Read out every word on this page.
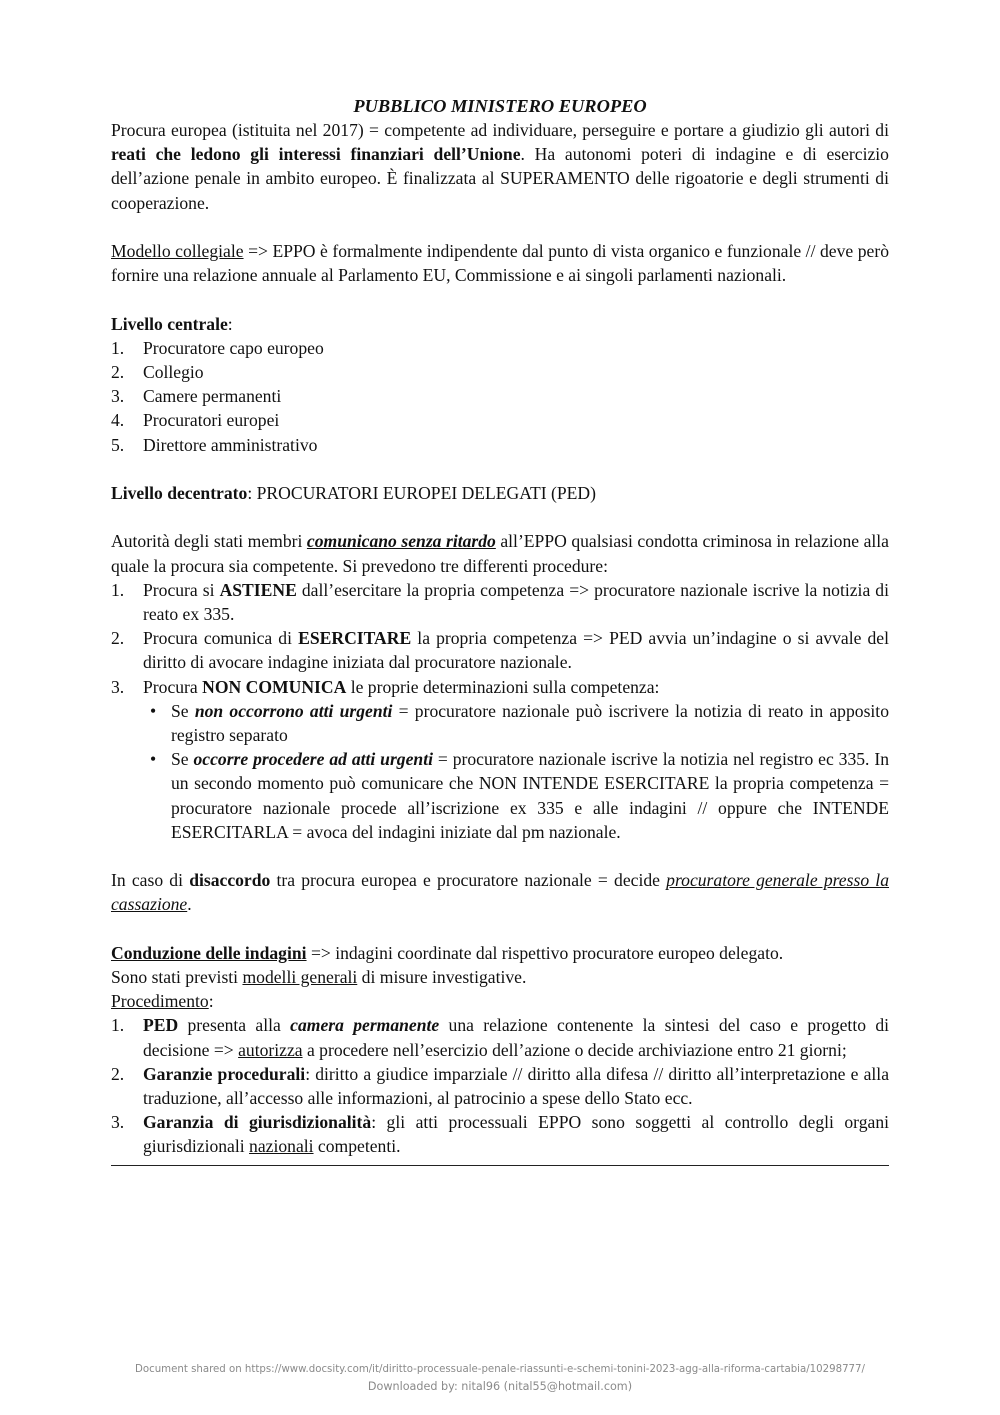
PUBBLICO MINISTERO EUROPEO

Procura europea (istituita nel 2017) = competente ad individuare, perseguire e portare a giudizio gli autori di reati che ledono gli interessi finanziari dell’Unione. Ha autonomi poteri di indagine e di esercizio dell’azione penale in ambito europeo. È finalizzata al SUPERAMENTO delle rigoatorie e degli strumenti di cooperazione.

Modello collegiale => EPPO è formalmente indipendente dal punto di vista organico e funzionale // deve però fornire una relazione annuale al Parlamento EU, Commissione e ai singoli parlamenti nazionali.

Livello centrale:

1. Procuratore capo europeo
2. Collegio
3. Camere permanenti
4. Procuratori europei
5. Direttore amministrativo

Livello decentrato: PROCURATORI EUROPEI DELEGATI (PED)

Autorità degli stati membri comunicano senza ritardo all’EPPO qualsiasi condotta criminosa in relazione alla quale la procura sia competente. Si prevedono tre differenti procedure:

1. Procura si ASTIENE dall’esercitare la propria competenza => procuratore nazionale iscrive la notizia di reato ex 335.
2. Procura comunica di ESERCITARE la propria competenza => PED avvia un’indagine o si avvale del diritto di avocare indagine iniziata dal procuratore nazionale.
3. Procura NON COMUNICA le proprie determinazioni sulla competenza:
• Se non occorrono atti urgenti = procuratore nazionale può iscrivere la notizia di reato in apposito registro separato
• Se occorre procedere ad atti urgenti = procuratore nazionale iscrive la notizia nel registro ec 335. In un secondo momento può comunicare che NON INTENDE ESERCITARE la propria competenza = procuratore nazionale procede all’iscrizione ex 335 e alle indagini // oppure che INTENDE ESERCITARLA = avoca del indagini iniziate dal pm nazionale.

In caso di disaccordo tra procura europea e procuratore nazionale = decide procuratore generale presso la cassazione.

Conduzione delle indagini => indagini coordinate dal rispettivo procuratore europeo delegato.

Sono stati previsti modelli generali di misure investigative.

Procedimento:

1. PED presenta alla camera permanente una relazione contenente la sintesi del caso e progetto di decisione => autorizza a procedere nell’esercizio dell’azione o decide archiviazione entro 21 giorni;
2. Garanzie procedurali: diritto a giudice imparziale // diritto alla difesa // diritto all’interpretazione e alla traduzione, all’accesso alle informazioni, al patrocinio a spese dello Stato ecc.
3. Garanzia di giurisdizionalità: gli atti processuali EPPO sono soggetti al controllo degli organi giurisdizionali nazionali competenti.
Document shared on https://www.docsity.com/it/diritto-processuale-penale-riassunti-e-schemi-tonini-2023-agg-alla-riforma-cartabia/10298777/
Downloaded by: nital96 (nital55@hotmail.com)
